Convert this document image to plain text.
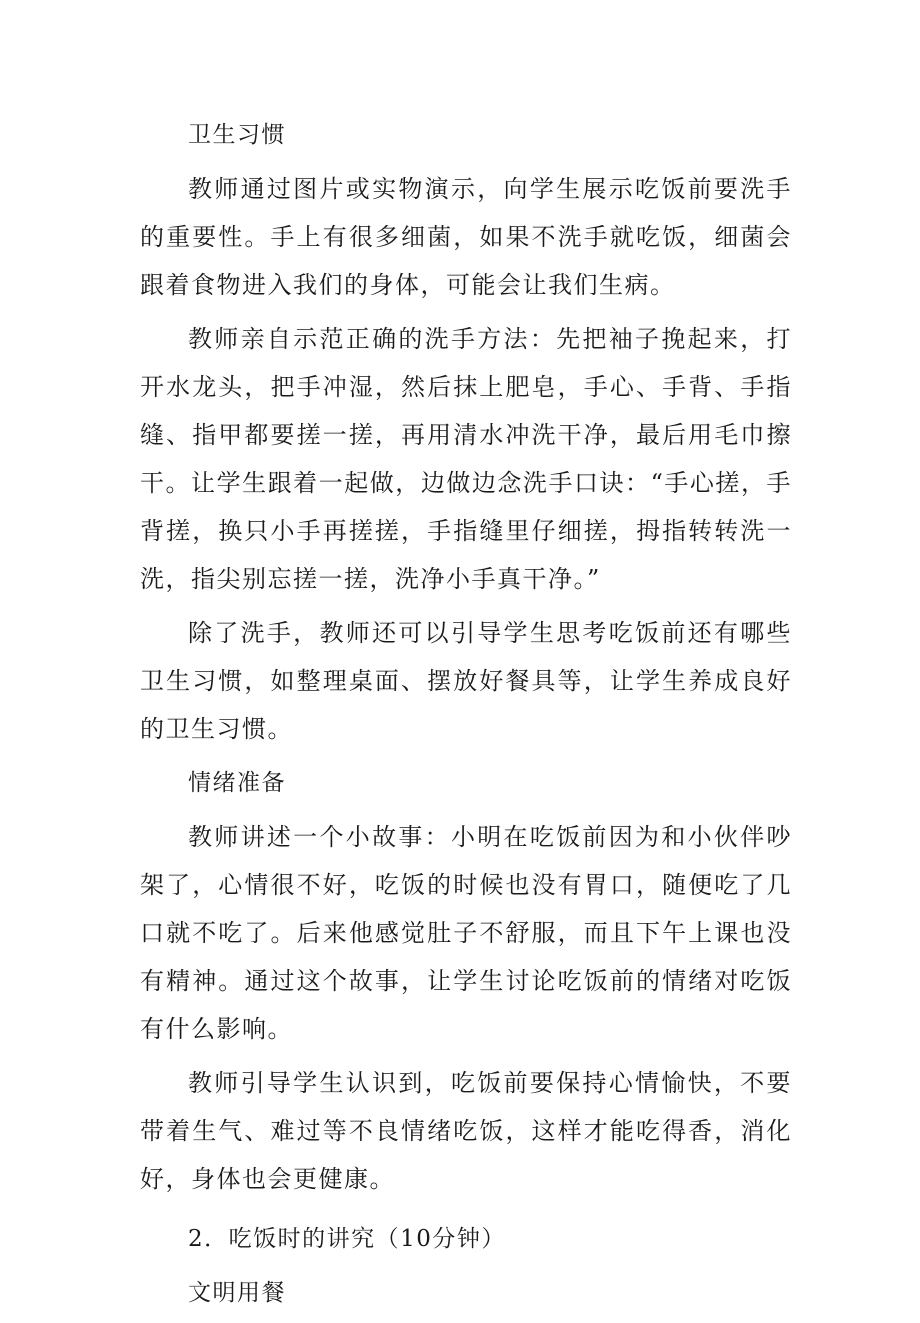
卫生习惯

教师通过图片或实物演示，向学生展示吃饭前要洗手的重要性。手上有很多细菌，如果不洗手就吃饭，细菌会跟着食物进入我们的身体，可能会让我们生病。

教师亲自示范正确的洗手方法：先把袖子挽起来，打开水龙头，把手冲湿，然后抹上肥皂，手心、手背、手指缝、指甲都要搓一搓，再用清水冲洗干净，最后用毛巾擦干。让学生跟着一起做，边做边念洗手口诀：“手心搓，手背搓，换只小手再搓搓，手指缝里仔细搓，拇指转转洗一洗，指尖别忘搓一搓，洗净小手真干净。”

除了洗手，教师还可以引导学生思考吃饭前还有哪些卫生习惯，如整理桌面、摆放好餐具等，让学生养成良好的卫生习惯。

情绪准备

教师讲述一个小故事：小明在吃饭前因为和小伙伴吵架了，心情很不好，吃饭的时候也没有胃口，随便吃了几口就不吃了。后来他感觉肚子不舒服，而且下午上课也没有精神。通过这个故事，让学生讨论吃饭前的情绪对吃饭有什么影响。

教师引导学生认识到，吃饭前要保持心情愉快，不要带着生气、难过等不良情绪吃饭，这样才能吃得香，消化好，身体也会更健康。

2．吃饭时的讲究（10分钟）

文明用餐
